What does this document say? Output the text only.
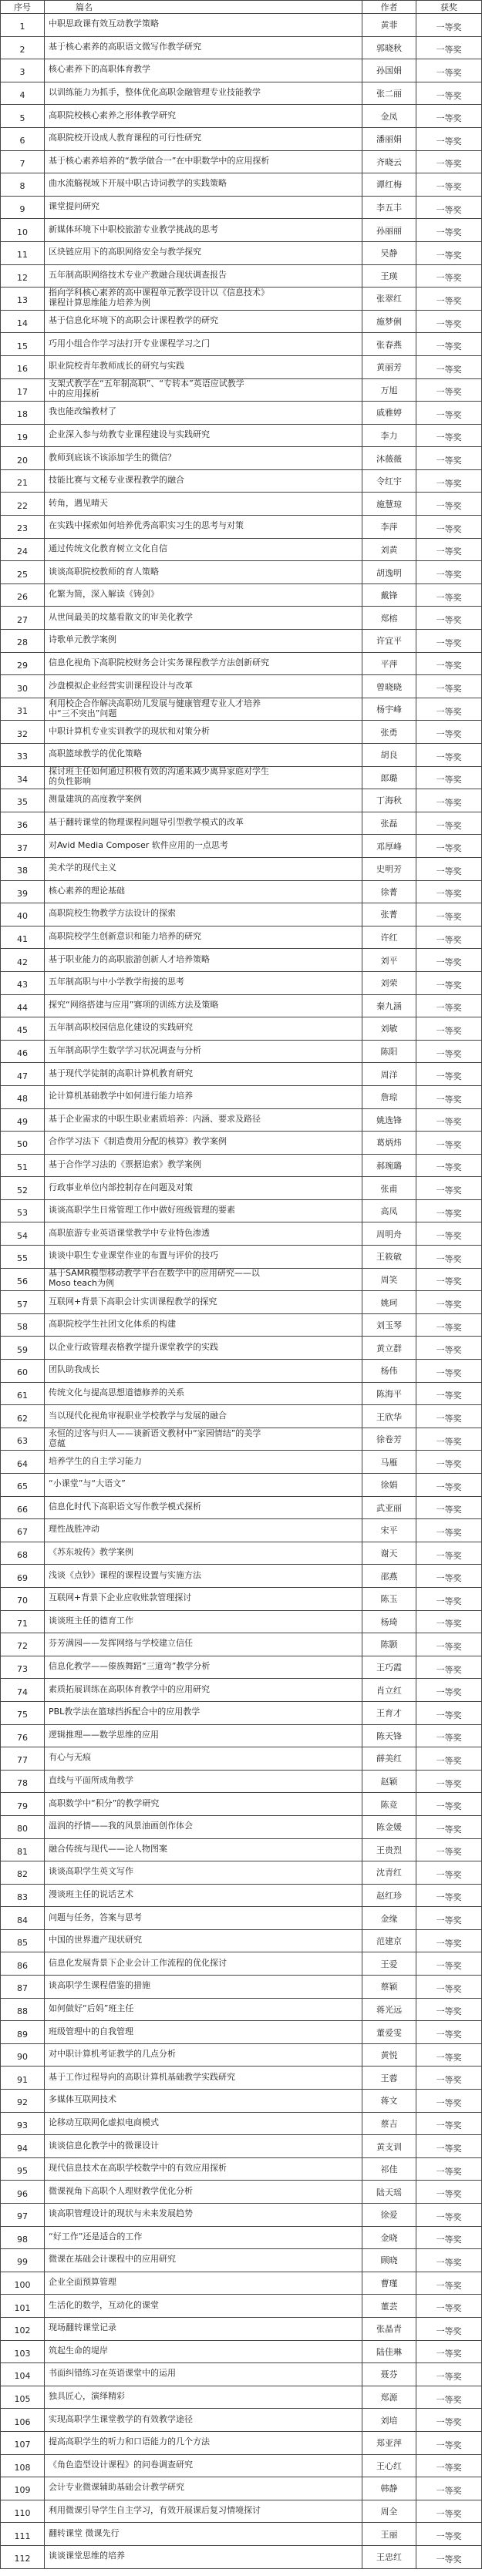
序号	篇名	作者	获奖
1	中职思政课有效互动教学策略	黄菲	一等奖
2	基于核心素养的高职语文微写作教学研究	郭晓秋	一等奖
3	核心素养下的高职体育教学	孙国娟	一等奖
4	以训练能力为抓手，整体优化高职金融管理专业技能教学	张二丽	一等奖
5	高职院校核心素养之形体教学研究	金凤	一等奖
6	高职院校开设成人教育课程的可行性研究	潘丽娟	一等奖
7	基于核心素养培养的“教学做合一”在中职数学中的应用探析	齐晓云	一等奖
8	曲水流觞视域下开展中职古诗词教学的实践策略	谭红梅	一等奖
9	课堂提问研究	李五丰	一等奖
10	新媒体环境下中职校旅游专业教学挑战的思考	孙丽丽	一等奖
11	区块链应用下的高职网络安全与教学探究	吴静	一等奖
12	五年制高职网络技术专业产教融合现状调查报告	王瑛	一等奖
13
指向学科核心素养的高中课程单元教学设计以《信息技术》
课程计算思维能力培养为例	张翠红	一等奖
14	基于信息化环境下的高职会计课程教学的研究	施梦俐	一等奖
15	巧用小组合作学习法打开专业课程学习之门	张春燕	一等奖
16	职业院校青年教师成长的研究与实践	黄丽芳	一等奖
17
支架式教学在“五年制高职”、“专转本”英语应试教学
中的应用探析	万旭	一等奖
18	我也能改编教材了	戚雅婷	一等奖
19	企业深入参与幼教专业课程建设与实践研究	李力	一等奖
20	教师到底该不该添加学生的微信？	沐薇薇	一等奖
21	技能比赛与文秘专业课程教学的融合	令红宇	一等奖
22	转角，遇见晴天	施慧琼	一等奖
23	在实践中探索如何培养优秀高职实习生的思考与对策	李萍	一等奖
24	通过传统文化教育树立文化自信	刘黄	一等奖
25	谈谈高职院校教师的育人策略	胡逸明	一等奖
26	化繁为简，深入解读《铸剑》	戴锋	一等奖
27	从世间最美的坟墓看散文的审美化教学	郑榕	一等奖
28	诗歌单元教学案例	许宜平	一等奖
29	信息化视角下高职院校财务会计实务课程教学方法创新研究	平萍	一等奖
30	沙盘模拟企业经营实训课程设计与改革	曾晓晓	一等奖
31
利用校企合作解决高职幼儿发展与健康管理专业人才培养
中“三不突出”问题	杨宇峰	一等奖
32	中职计算机专业实训教学的现状和对策分析	张勇	一等奖
33	高职篮球教学的优化策略	胡良	一等奖
34
探讨班主任如何通过积极有效的沟通来减少离异家庭对学生
的负性影响	郎璐	一等奖
35	测量建筑的高度教学案例	丁海秋	一等奖
36	基于翻转课堂的物理课程问题导引型教学模式的改革	张磊	一等奖
37	对Avid Media Composer 软件应用的一点思考	邓厚峰	一等奖
38	美术学的现代主义	史明芳	一等奖
39	核心素养的理论基础	徐菁	一等奖
40	高职院校生物教学方法设计的探索	张菁	一等奖
41	高职院校学生创新意识和能力培养的研究	许红	一等奖
42	基于职业能力的高职旅游创新人才培养策略	刘平	一等奖
43	五年制高职与中小学教学衔接的思考	刘荣	一等奖
44	探究“网络搭建与应用”赛项的训练方法及策略	秦九涵	一等奖
45	五年制高职校园信息化建设的实践研究	刘敏	一等奖
46	五年制高职学生数学学习状况调查与分析	陈阳	一等奖
47	基于现代学徒制的高职计算机教育研究	周洋	一等奖
48	论计算机基础教学中如何进行能力培养	詹琼	一等奖
49	基于企业需求的中职生职业素质培养：内涵、要求及路径	姚选锋	一等奖
50	合作学习法下《制造费用分配的核算》教学案例	葛炳炜	一等奖
51	基于合作学习法的《票据追索》教学案例	郝琬璐	一等奖
52	行政事业单位内部控制存在问题及对策	张甫	一等奖
53	谈谈高职学生日常管理工作中做好班级管理的要素	高凤	一等奖
54	高职旅游专业英语课堂教学中专业特色渗透	周明舟	一等奖
55	谈谈中职生专业课堂作业的布置与评价的技巧	王筱敏	一等奖
56
基于SAMR模型移动教学平台在数学中的应用研究——以
Moso teach为例	周笑	一等奖
57	互联网+背景下高职会计实训课程教学的探究	姚珂	一等奖
58	高职院校学生社团文化体系的构建	刘玉琴	一等奖
59	以企业行政管理表格教学提升课堂教学的实践	黄立群	一等奖
60	团队助我成长	杨伟	一等奖
61	传统文化与提高思想道德修养的关系	陈海平	一等奖
62	当以现代化视角审视职业学校教学与发展的融合	王欣华	一等奖
63
永恒的过客与归人——谈新语文教材中“家园情结”的美学
意蕴	徐卷芳	一等奖
64	培养学生的自主学习能力	马雁	一等奖
65	“小课堂”与“大语文”	徐娟	一等奖
66	信息化时代下高职语文写作教学模式探析	武亚丽	一等奖
67	理性战胜冲动	宋平	一等奖
68	《苏东坡传》教学案例	谢天	一等奖
69	浅谈《点钞》课程的课程设置与实施方法	邵燕	一等奖
70	互联网+背景下企业应收账款管理探讨	陈玉	一等奖
71	谈谈班主任的德育工作	杨琦	一等奖
72	芬芳满园——发挥网络与学校建立信任	陈颢	一等奖
73	信息化教学——傣族舞蹈“三道弯”教学分析	王巧霞	一等奖
74	素质拓展训练在高职体育教学中的应用研究	肖立红	一等奖
75	PBL教学法在篮球挡拆配合中的应用教学	王育才	一等奖
76	逻辑推理——数学思维的应用	陈天锋	一等奖
77	有心与无痕	薛美红	一等奖
78	直线与平面所成角教学	赵颖	一等奖
79	高职数学中“积分”的教学研究	陈竞	一等奖
80	温润的抒情——我的风景油画创作体会	陈金媛	一等奖
81	融合传统与现代——论人物图案	王贵烈	一等奖
82	谈谈高职学生英文写作	沈青红	一等奖
83	漫谈班主任的说话艺术	赵红珍	一等奖
84	问题与任务，答案与思考	金缘	一等奖
85	中国的世界遗产现状研究	范建京	一等奖
86	信息化发展背景下企业会计工作流程的优化探讨	王爱	一等奖
87	谈高职学生课程借鉴的措施	蔡颖	一等奖
88	如何做好“后妈”班主任	蒋光远	一等奖
89	班级管理中的自我管理	董爱雯	一等奖
90	对中职计算机考证教学的几点分析	黄悦	一等奖
91	基于工作过程导向的高职计算机基础教学实践研究	王蓉	一等奖
92	多媒体互联网技术	蒋文	一等奖
93	论移动互联网化虚拟电商模式	蔡吉	一等奖
94	谈谈信息化教学中的微课设计	黄支训	一等奖
95	现代信息技术在高职学校数学中的有效应用探析	祁佳	一等奖
96	微课视角下高职个人理财教学优化分析	陆天瑶	一等奖
97	谈高职管理设计的现状与未来发展趋势	徐爱	一等奖
98	“好工作”还是适合的工作	金晓	一等奖
99	微课在基础会计课程中的应用研究	顾晓	一等奖
100	企业全面预算管理	曹瑾	一等奖
101	生活化的数学，互动化的课堂	董芸	一等奖
102	现场翻转课堂记录	张晶青	一等奖
103	筑起生命的堤岸	陆佳琳	一等奖
104	书面纠错练习在英语课堂中的运用	聂芬	一等奖
105	独具匠心，演绎精彩	郑源	一等奖
106	实现高职学生课堂教学的有效教学途径	刘培	一等奖
107	提高高职学生的听力和口语能力的几个方法	郑亚萍	一等奖
108	《角色造型设计课程》的问卷调查研究	王心红	一等奖
109	会计专业微课辅助基础会计教学研究	韩静	一等奖
110	利用微课引导学生自主学习，有效开展课后复习情境探讨	周全	一等奖
111	翻转课堂 微课先行	王丽	一等奖
112	谈谈课堂思维的培养	王忠红	一等奖
